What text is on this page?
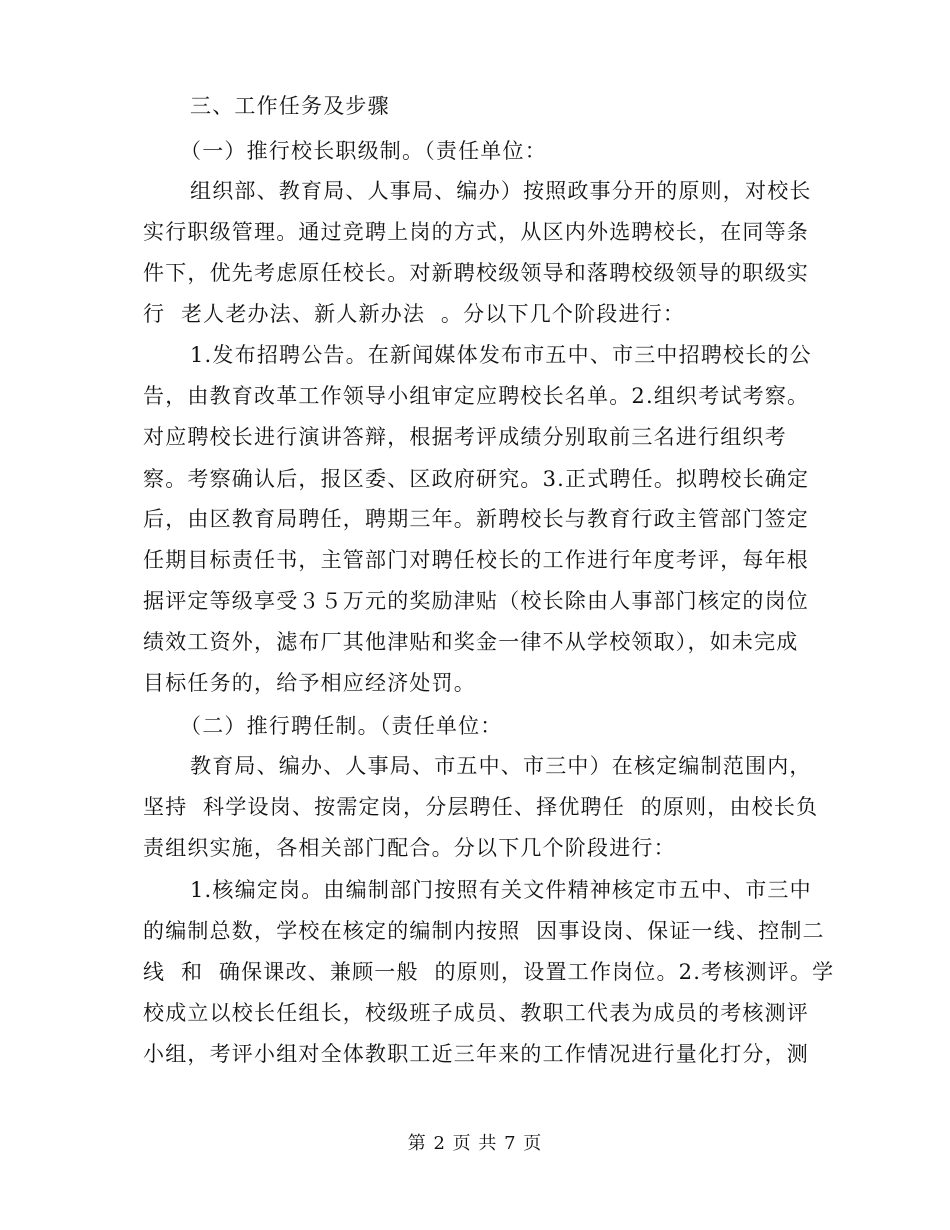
三、工作任务及步骤
（一）推行校长职级制。（责任单位：
组织部、教育局、人事局、编办）按照政事分开的原则，对校长
实行职级管理。通过竞聘上岗的方式，从区内外选聘校长，在同等条
件下，优先考虑原任校长。对新聘校级领导和落聘校级领导的职级实
行  老人老办法、新人新办法  。分以下几个阶段进行：
1.发布招聘公告。在新闻媒体发布市五中、市三中招聘校长的公
告，由教育改革工作领导小组审定应聘校长名单。2.组织考试考察。
对应聘校长进行演讲答辩，根据考评成绩分别取前三名进行组织考
察。考察确认后，报区委、区政府研究。3.正式聘任。拟聘校长确定
后，由区教育局聘任，聘期三年。新聘校长与教育行政主管部门签定
任期目标责任书，主管部门对聘任校长的工作进行年度考评，每年根
据评定等级享受３５万元的奖励津贴（校长除由人事部门核定的岗位
绩效工资外，滤布厂其他津贴和奖金一律不从学校领取），如未完成
目标任务的，给予相应经济处罚。
（二）推行聘任制。（责任单位：
教育局、编办、人事局、市五中、市三中）在核定编制范围内，
坚持  科学设岗、按需定岗，分层聘任、择优聘任  的原则，由校长负
责组织实施，各相关部门配合。分以下几个阶段进行：
1.核编定岗。由编制部门按照有关文件精神核定市五中、市三中
的编制总数，学校在核定的编制内按照  因事设岗、保证一线、控制二
线  和  确保课改、兼顾一般  的原则，设置工作岗位。2.考核测评。学
校成立以校长任组长，校级班子成员、教职工代表为成员的考核测评
小组，考评小组对全体教职工近三年来的工作情况进行量化打分，测
第 2 页 共 7 页
